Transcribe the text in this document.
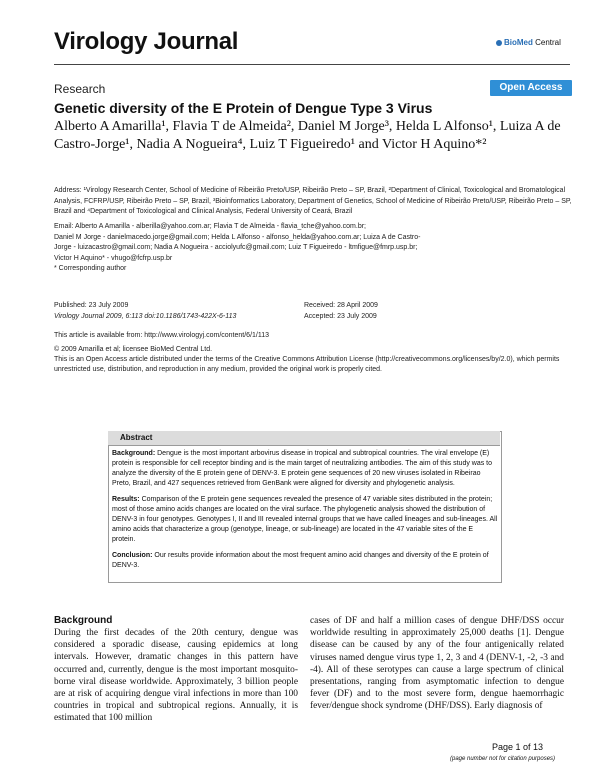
Virology Journal	BioMed Central
Research	Open Access
Genetic diversity of the E Protein of Dengue Type 3 Virus
Alberto A Amarilla¹, Flavia T de Almeida², Daniel M Jorge³, Helda L Alfonso¹, Luiza A de Castro-Jorge¹, Nadia A Nogueira⁴, Luiz T Figueiredo¹ and Victor H Aquino*²
Address: ¹Virology Research Center, School of Medicine of Ribeirão Preto/USP, Ribeirão Preto – SP, Brazil, ²Department of Clinical, Toxicological and Bromatological Analysis, FCFRP/USP, Ribeirão Preto – SP, Brazil, ³Bioinformatics Laboratory, Department of Genetics, School of Medicine of Ribeirão Preto/USP, Ribeirão Preto – SP, Brazil and ⁴Department of Toxicological and Clinical Analysis, Federal University of Ceará, Brazil
Email: Alberto A Amarilla - alberilla@yahoo.com.ar; Flavia T de Almeida - flavia_tche@yahoo.com.br;
Daniel M Jorge - danielmacedo.jorge@gmail.com; Helda L Alfonso - alfonso_helda@yahoo.com.ar; Luiza A de Castro-
Jorge - luizacastro@gmail.com; Nadia A Nogueira - acciolyufc@gmail.com; Luiz T Figueiredo - ltmfigue@fmrp.usp.br;
Victor H Aquino* - vhugo@fcfrp.usp.br
* Corresponding author
Published: 23 July 2009
Virology Journal 2009, 6:113 doi:10.1186/1743-422X-6-113
Received: 28 April 2009
Accepted: 23 July 2009
This article is available from: http://www.virologyj.com/content/6/1/113
© 2009 Amarilla et al; licensee BioMed Central Ltd.
This is an Open Access article distributed under the terms of the Creative Commons Attribution License (http://creativecommons.org/licenses/by/2.0), which permits unrestricted use, distribution, and reproduction in any medium, provided the original work is properly cited.
Abstract

Background: Dengue is the most important arbovirus disease in tropical and subtropical countries. The viral envelope (E) protein is responsible for cell receptor binding and is the main target of neutralizing antibodies. The aim of this study was to analyze the diversity of the E protein gene of DENV-3. E protein gene sequences of 20 new viruses isolated in Ribeirao Preto, Brazil, and 427 sequences retrieved from GenBank were aligned for diversity and phylogenetic analysis.

Results: Comparison of the E protein gene sequences revealed the presence of 47 variable sites distributed in the protein; most of those amino acids changes are located on the viral surface. The phylogenetic analysis showed the distribution of DENV-3 in four genotypes. Genotypes I, II and III revealed internal groups that we have called lineages and sub-lineages. All amino acids that characterize a group (genotype, lineage, or sub-lineage) are located in the 47 variable sites of the E protein.

Conclusion: Our results provide information about the most frequent amino acid changes and diversity of the E protein of DENV-3.

Background

During the first decades of the 20th century, dengue was considered a sporadic disease, causing epidemics at long intervals. However, dramatic changes in this pattern have occurred and, currently, dengue is the most important mosquito-borne viral disease worldwide. Approximately, 3 billion people are at risk of acquiring dengue viral infections in more than 100 countries in tropical and subtropical regions. Annually, it is estimated that 100 million

cases of DF and half a million cases of dengue DHF/DSS occur worldwide resulting in approximately 25,000 deaths [1]. Dengue disease can be caused by any of the four antigenically related viruses named dengue virus type 1, 2, 3 and 4 (DENV-1, -2, -3 and -4). All of these serotypes can cause a large spectrum of clinical presentations, ranging from asymptomatic infection to dengue fever (DF) and to the most severe form, dengue haemorrhagic fever/dengue shock syndrome (DHF/DSS). Early diagnosis of

Page 1 of 13
(page number not for citation purposes)
